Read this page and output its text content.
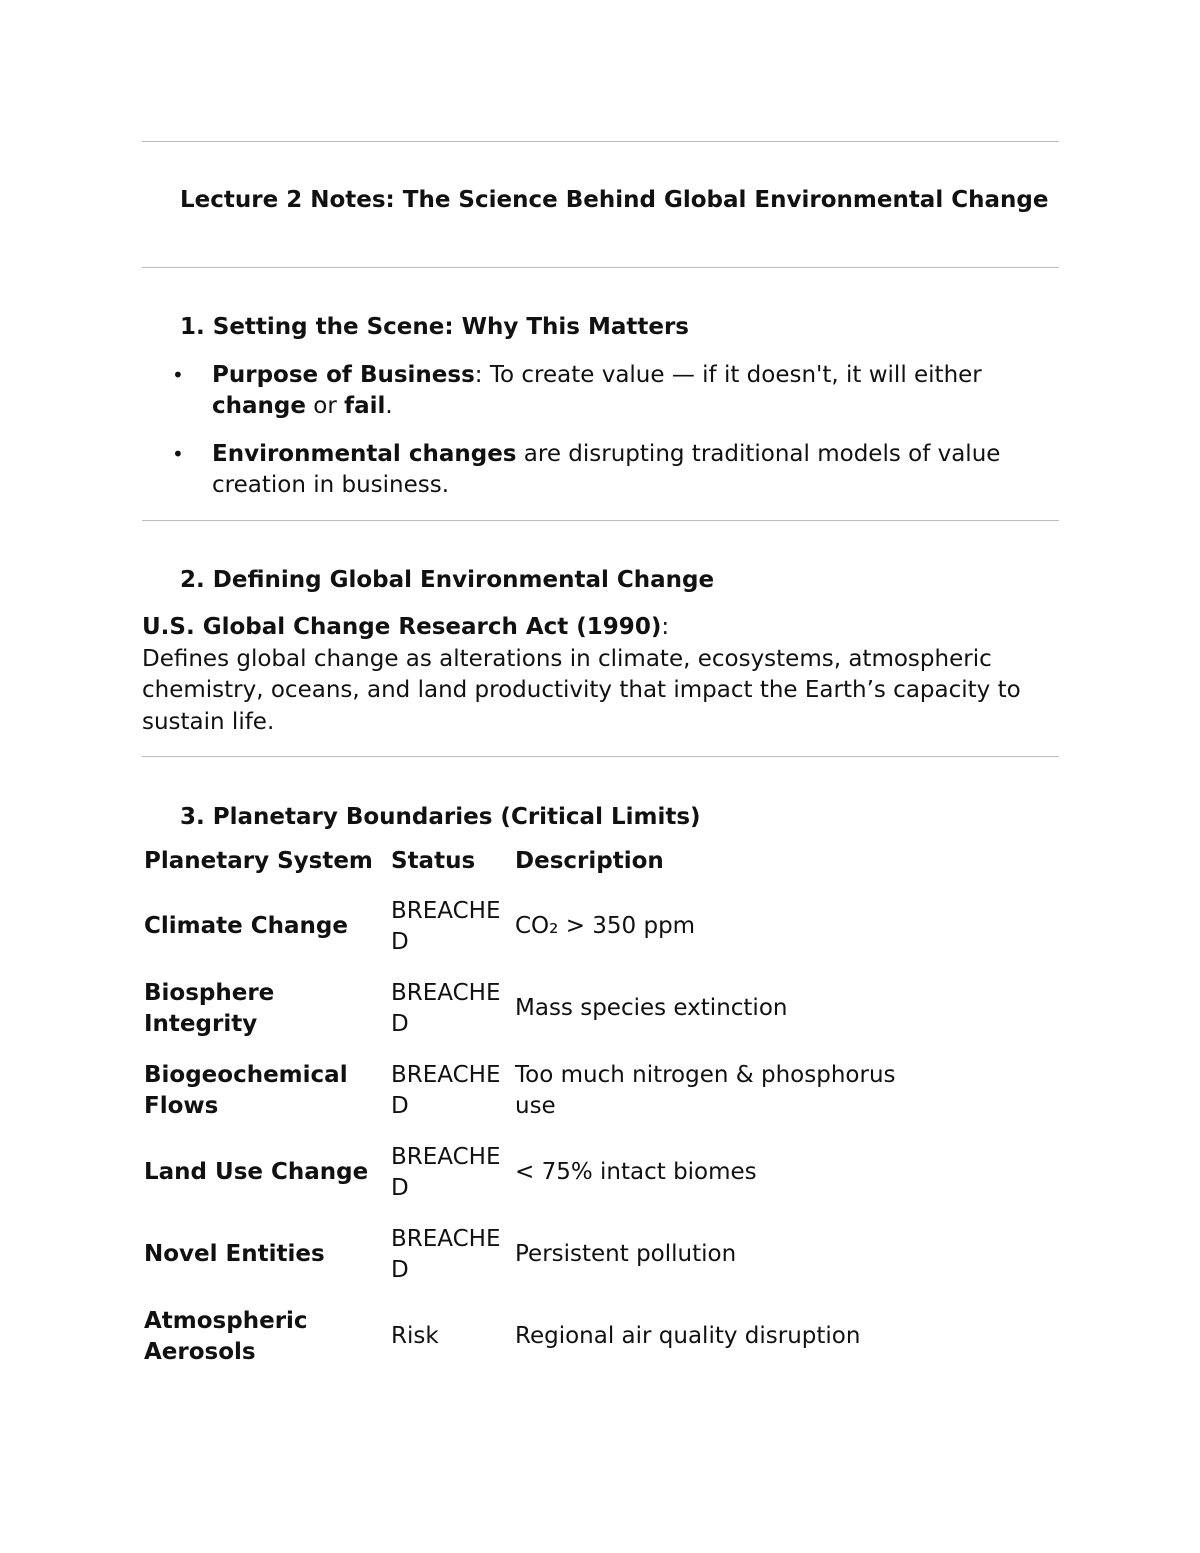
Lecture 2 Notes: The Science Behind Global Environmental Change
1. Setting the Scene: Why This Matters
• Purpose of Business: To create value — if it doesn't, it will either change or fail.
• Environmental changes are disrupting traditional models of value creation in business.
2. Defining Global Environmental Change
U.S. Global Change Research Act (1990):
Defines global change as alterations in climate, ecosystems, atmospheric chemistry, oceans, and land productivity that impact the Earth’s capacity to sustain life.
3. Planetary Boundaries (Critical Limits)
Planetary System	Status	Description
Climate Change	BREACHED	CO₂ > 350 ppm
Biosphere Integrity	BREACHED	Mass species extinction
Biogeochemical Flows	BREACHED	Too much nitrogen & phosphorus use
Land Use Change	BREACHED	< 75% intact biomes
Novel Entities	BREACHED	Persistent pollution
Atmospheric Aerosols	Risk	Regional air quality disruption
